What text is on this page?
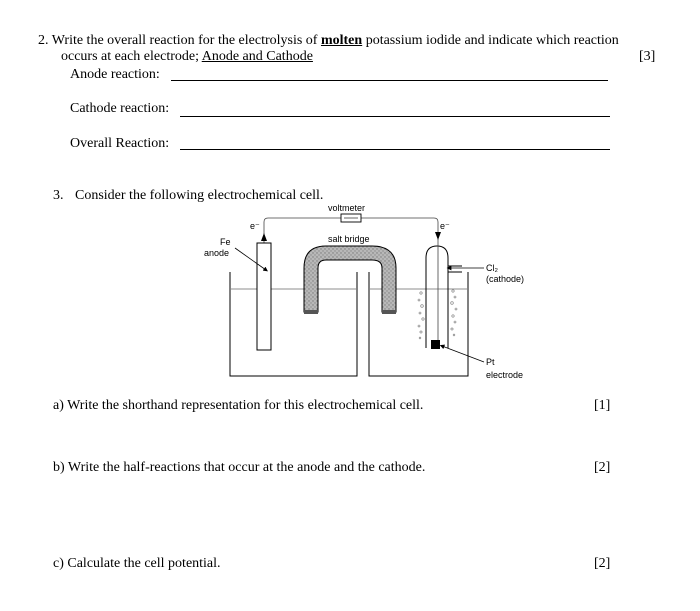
2. Write the overall reaction for the electrolysis of molten potassium iodide and indicate which reaction
occurs at each electrode; Anode and Cathode	[3]
Anode reaction:
Cathode reaction:
Overall Reaction:
3. Consider the following electrochemical cell.
voltmeter
e⁻	e⁻
salt bridge
Fe
anode
Cl₂
(cathode)
Pt
electrode
a) Write the shorthand representation for this electrochemical cell.	[1]
b) Write the half-reactions that occur at the anode and the cathode.	[2]
c) Calculate the cell potential.	[2]
